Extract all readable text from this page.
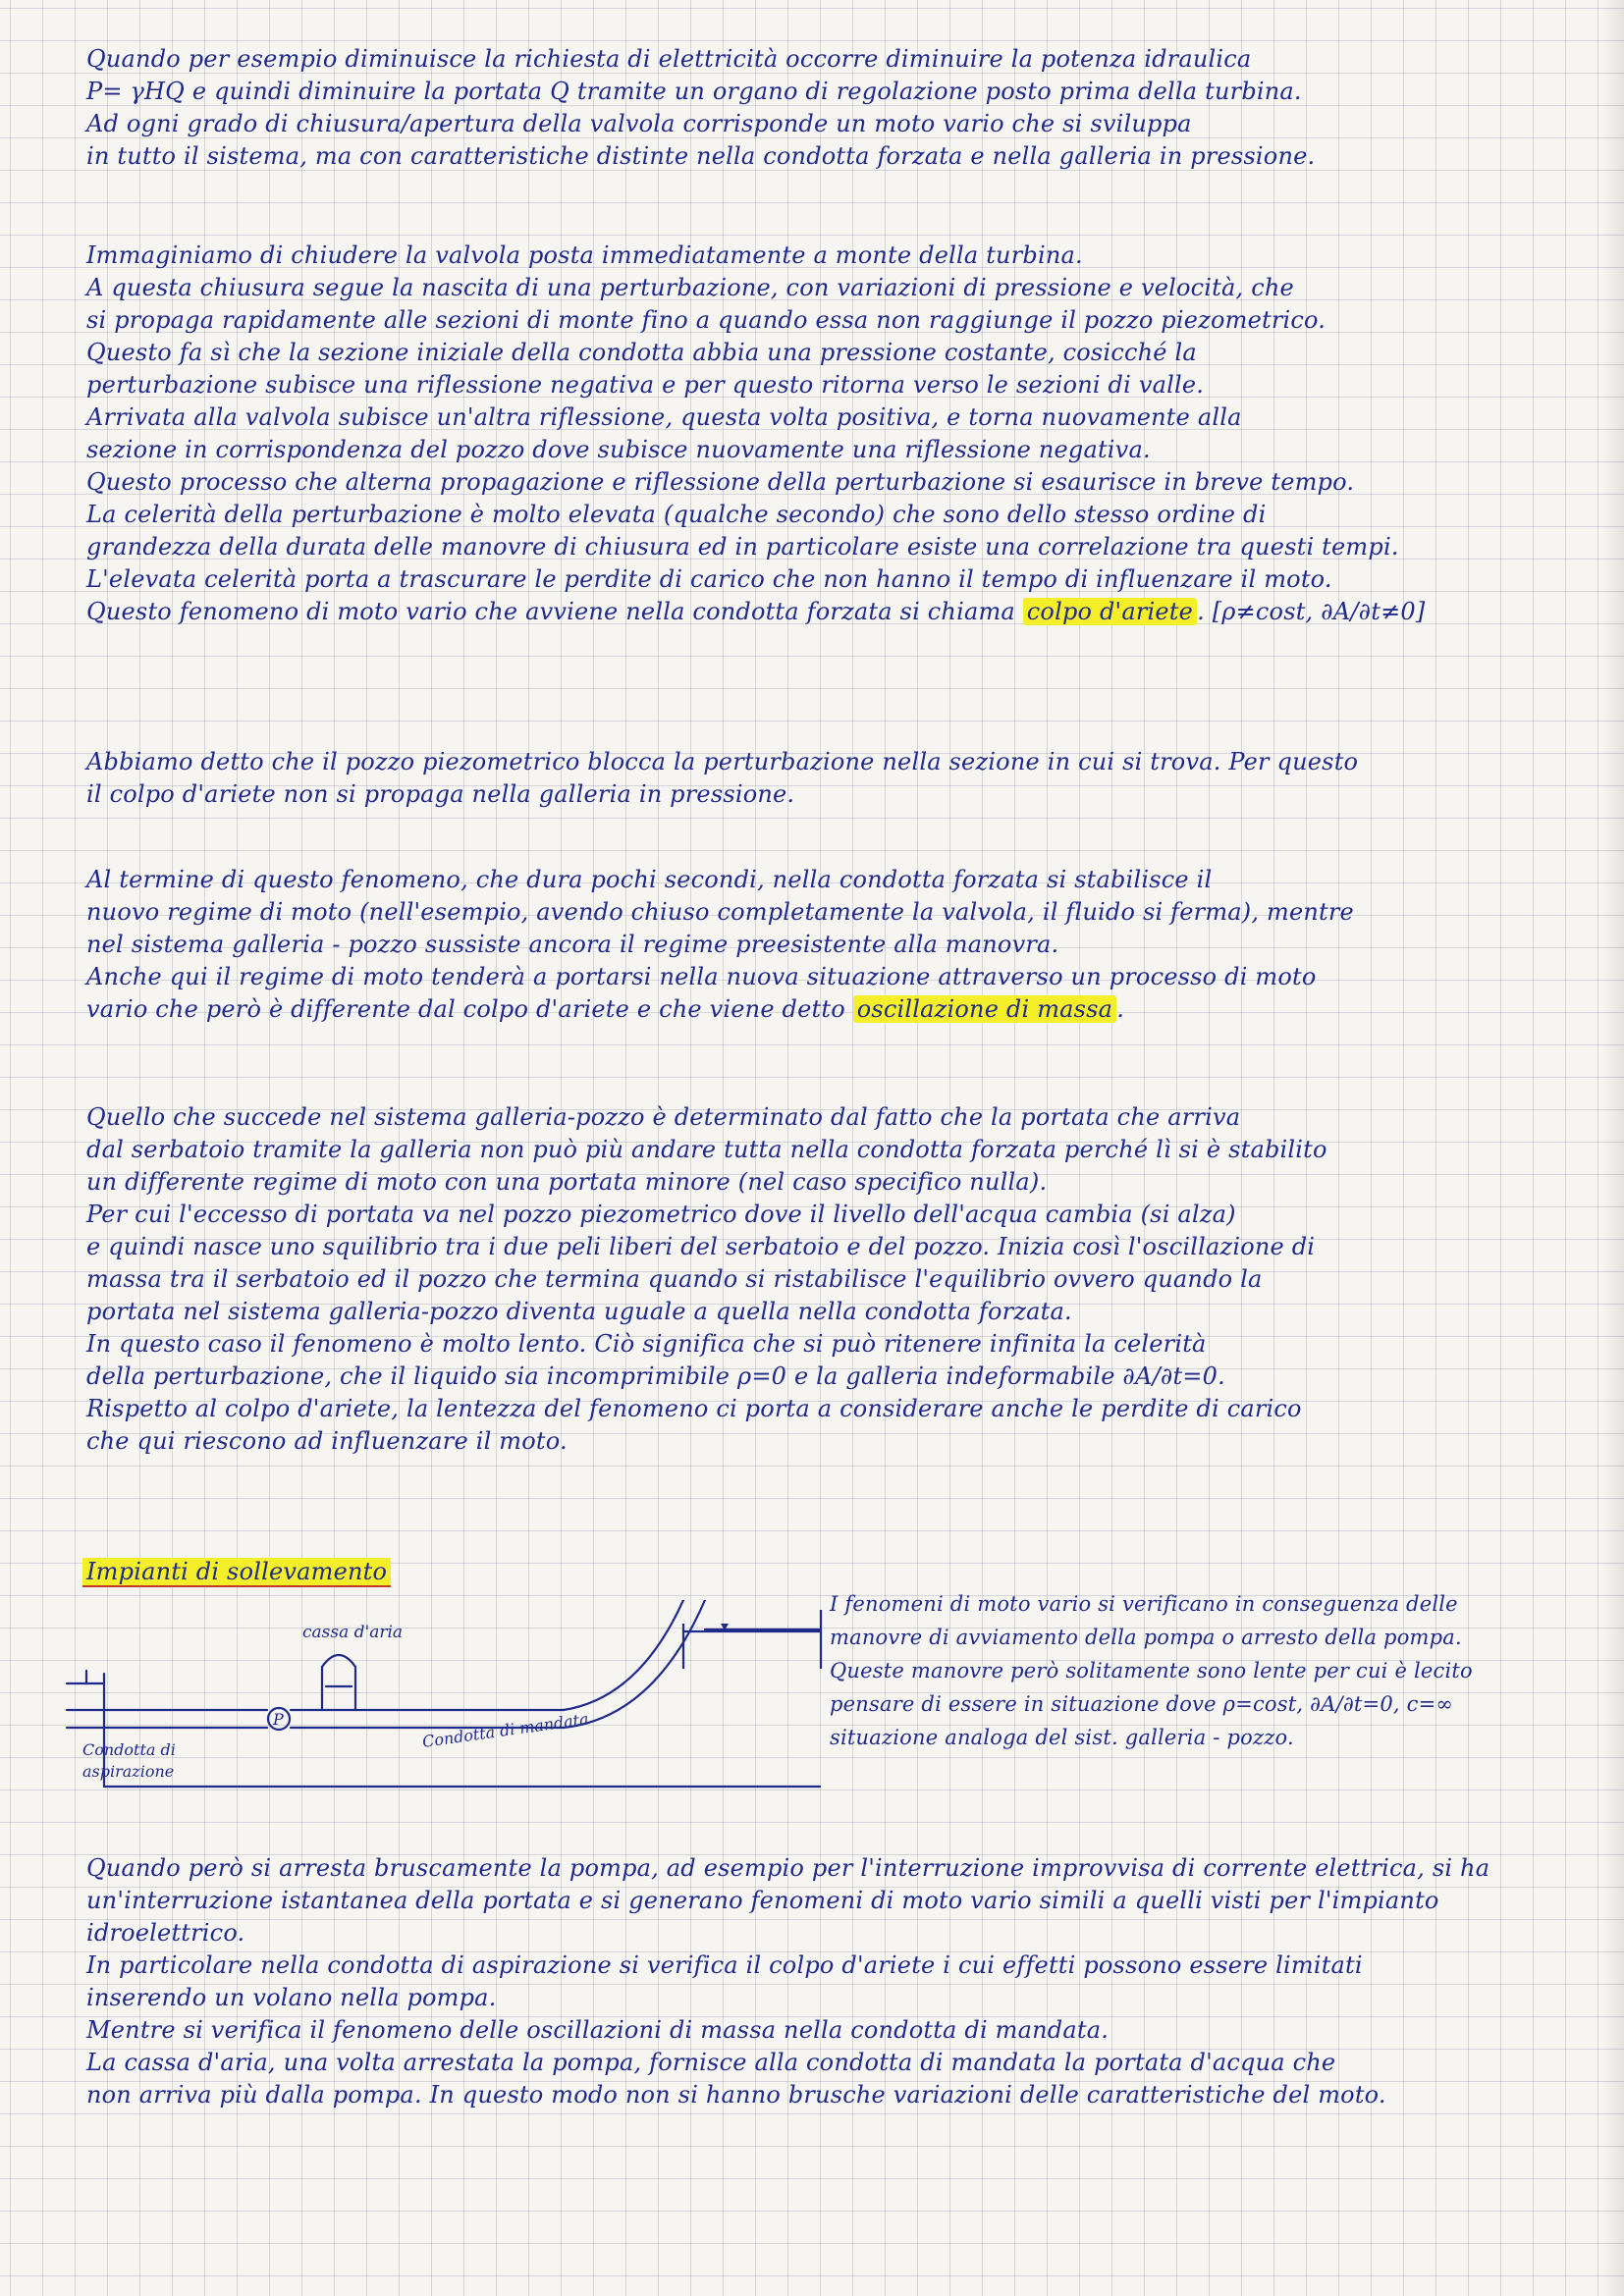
Quando per esempio diminuisce la richiesta di elettricità occorre diminuire la potenza idraulica
P= γHQ e quindi diminuire la portata Q tramite un organo di regolazione posto prima della turbina.
Ad ogni grado di chiusura/apertura della valvola corrisponde un moto vario che si sviluppa
in tutto il sistema, ma con caratteristiche distinte nella condotta forzata e nella galleria in pressione.
Immaginiamo di chiudere la valvola posta immediatamente a monte della turbina.
A questa chiusura segue la nascita di una perturbazione, con variazioni di pressione e velocità, che
si propaga rapidamente alle sezioni di monte fino a quando essa non raggiunge il pozzo piezometrico.
Questo fa sì che la sezione iniziale della condotta abbia una pressione costante, cosicché la
perturbazione subisce una riflessione negativa e per questo ritorna verso le sezioni di valle.
Arrivata alla valvola subisce un'altra riflessione, questa volta positiva, e torna nuovamente alla
sezione in corrispondenza del pozzo dove subisce nuovamente una riflessione negativa.
Questo processo che alterna propagazione e riflessione della perturbazione si esaurisce in breve tempo.
La celerità della perturbazione è molto elevata (qualche secondo) che sono dello stesso ordine di
grandezza della durata delle manovre di chiusura ed in particolare esiste una correlazione tra questi tempi.
L'elevata celerità porta a trascurare le perdite di carico che non hanno il tempo di influenzare il moto.
Questo fenomeno di moto vario che avviene nella condotta forzata si chiama colpo d'ariete . [ρ≠cost, ∂A/∂t≠0]
Abbiamo detto che il pozzo piezometrico blocca la perturbazione nella sezione in cui si trova. Per questo
il colpo d'ariete non si propaga nella galleria in pressione.
Al termine di questo fenomeno, che dura pochi secondi, nella condotta forzata si stabilisce il
nuovo regime di moto (nell'esempio, avendo chiuso completamente la valvola, il fluido si ferma), mentre
nel sistema galleria - pozzo sussiste ancora il regime preesistente alla manovra.
Anche qui il regime di moto tenderà a portarsi nella nuova situazione attraverso un processo di moto
vario che però è differente dal colpo d'ariete e che viene detto oscillazione di massa .
Quello che succede nel sistema galleria-pozzo è determinato dal fatto che la portata che arriva
dal serbatoio tramite la galleria non può più andare tutta nella condotta forzata perché lì si è stabilito
un differente regime di moto con una portata minore (nel caso specifico nulla).
Per cui l'eccesso di portata va nel pozzo piezometrico dove il livello dell'acqua cambia (si alza)
e quindi nasce uno squilibrio tra i due peli liberi del serbatoio e del pozzo. Inizia così l'oscillazione di
massa tra il serbatoio ed il pozzo che termina quando si ristabilisce l'equilibrio ovvero quando la
portata nel sistema galleria-pozzo diventa uguale a quella nella condotta forzata.
In questo caso il fenomeno è molto lento. Ciò significa che si può ritenere infinita la celerità
della perturbazione, che il liquido sia incomprimibile ρ=0 e la galleria indeformabile ∂A/∂t=0.
Rispetto al colpo d'ariete, la lentezza del fenomeno ci porta a considerare anche le perdite di carico
che qui riescono ad influenzare il moto.
Impianti di sollevamento
cassa d'aria
P
Condotta di
aspirazione
Condotta di mandata
I fenomeni di moto vario si verificano in conseguenza delle
manovre di avviamento della pompa o arresto della pompa.
Queste manovre però solitamente sono lente per cui è lecito
pensare di essere in situazione dove ρ=cost, ∂A/∂t=0, c=∞
situazione analoga del sist. galleria - pozzo.
Quando però si arresta bruscamente la pompa, ad esempio per l'interruzione improvvisa di corrente elettrica, si ha
un'interruzione istantanea della portata e si generano fenomeni di moto vario simili a quelli visti per l'impianto
idroelettrico.
In particolare nella condotta di aspirazione si verifica il colpo d'ariete i cui effetti possono essere limitati
inserendo un volano nella pompa.
Mentre si verifica il fenomeno delle oscillazioni di massa nella condotta di mandata.
La cassa d'aria, una volta arrestata la pompa, fornisce alla condotta di mandata la portata d'acqua che
non arriva più dalla pompa. In questo modo non si hanno brusche variazioni delle caratteristiche del moto.
